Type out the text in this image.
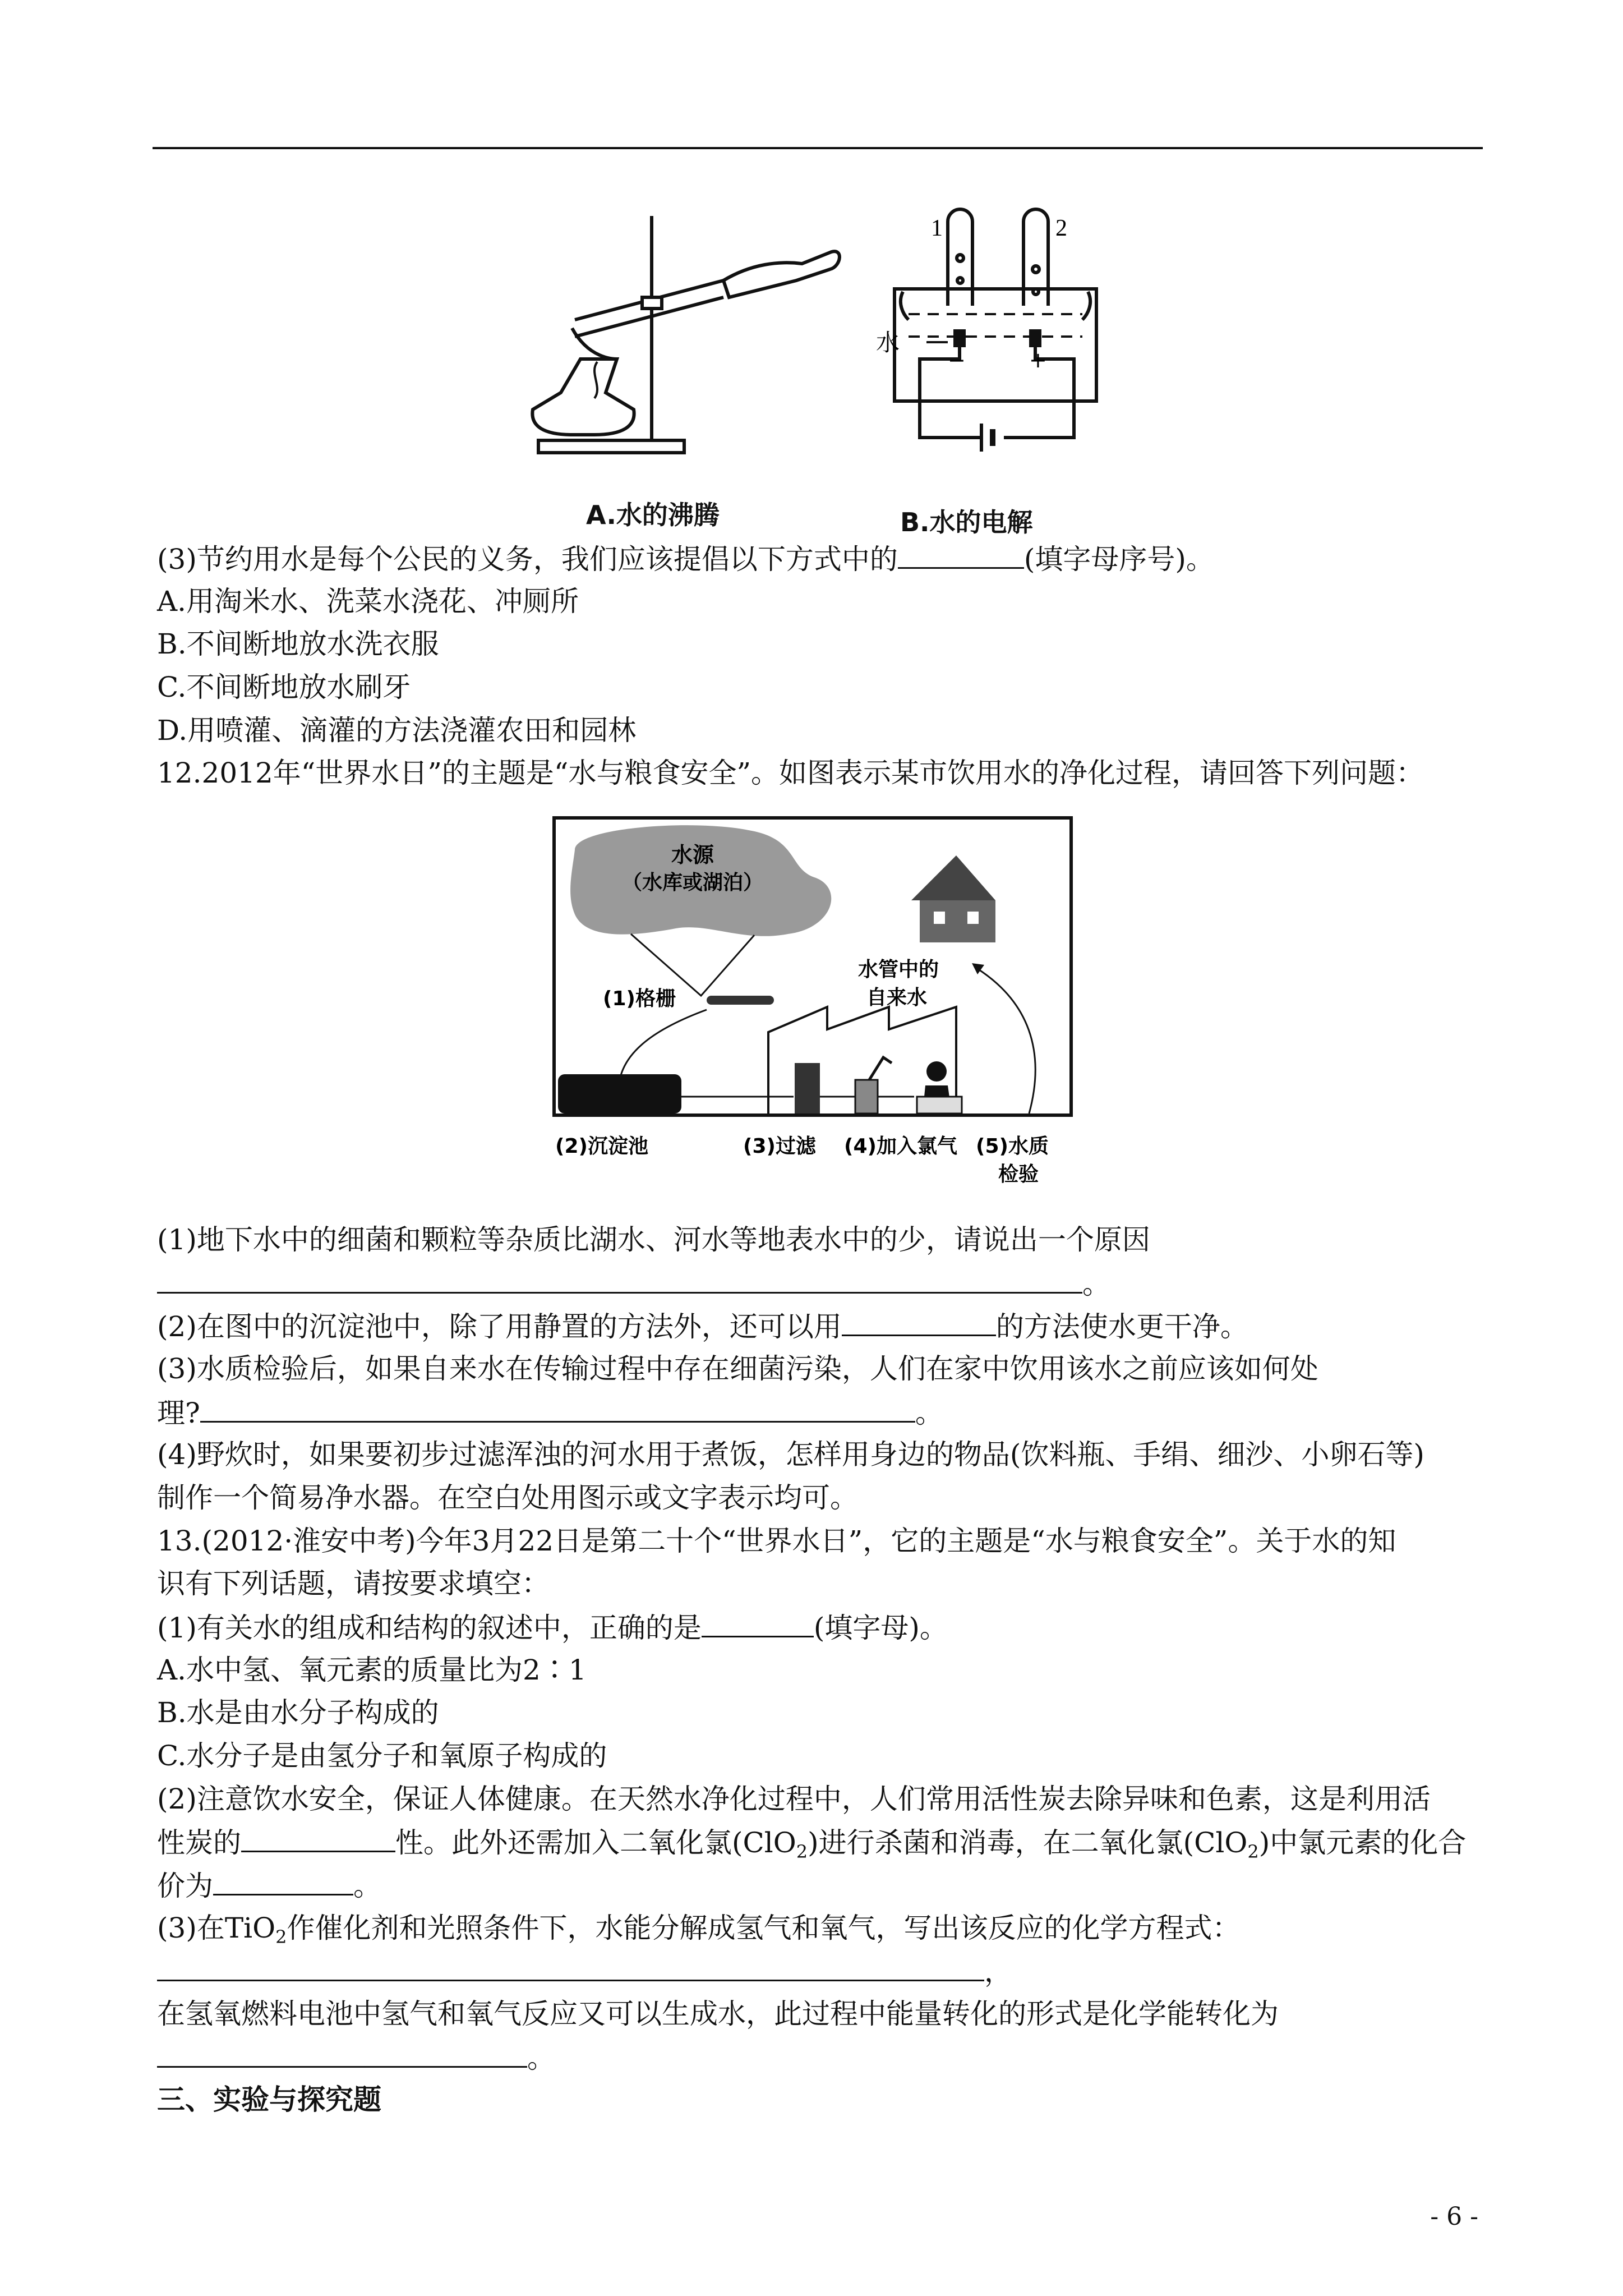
1	2
水
−	+
A.水的沸腾	B.水的电解
(3)节约用水是每个公民的义务，我们应该提倡以下方式中的	(填字母序号)。
A.用淘米水、洗菜水浇花、冲厕所
B.不间断地放水洗衣服
C.不间断地放水刷牙
D.用喷灌、滴灌的方法浇灌农田和园林
12.2012年“世界水日”的主题是“水与粮食安全”。如图表示某市饮用水的净化过程，请回答下列问题：
水源
（水库或湖泊）
(1)格栅
水管中的
自来水
(2)沉淀池	(3)过滤 (4)加入氯气 (5)水质
检验
(1)地下水中的细菌和颗粒等杂质比湖水、河水等地表水中的少，请说出一个原因
。
(2)在图中的沉淀池中，除了用静置的方法外，还可以用	的方法使水更干净。
(3)水质检验后，如果自来水在传输过程中存在细菌污染，人们在家中饮用该水之前应该如何处
理?	。
(4)野炊时，如果要初步过滤浑浊的河水用于煮饭，怎样用身边的物品(饮料瓶、手绢、细沙、小卵石等)
制作一个简易净水器。在空白处用图示或文字表示均可。
13.(2012·淮安中考)今年3月22日是第二十个“世界水日”，它的主题是“水与粮食安全”。关于水的知
识有下列话题，请按要求填空：
(1)有关水的组成和结构的叙述中，正确的是	(填字母)。
A.水中氢、氧元素的质量比为2∶1
B.水是由水分子构成的
C.水分子是由氢分子和氧原子构成的
(2)注意饮水安全，保证人体健康。在天然水净化过程中，人们常用活性炭去除异味和色素，这是利用活
性炭的	性。此外还需加入二氧化氯(ClO$_2$)进行杀菌和消毒，在二氧化氯(ClO$_2$)中氯元素的化合
价为	。
(3)在TiO$_2$作催化剂和光照条件下，水能分解成氢气和氧气，写出该反应的化学方程式：
，
在氢氧燃料电池中氢气和氧气反应又可以生成水，此过程中能量转化的形式是化学能转化为
。
三、实验与探究题
- 6 -
